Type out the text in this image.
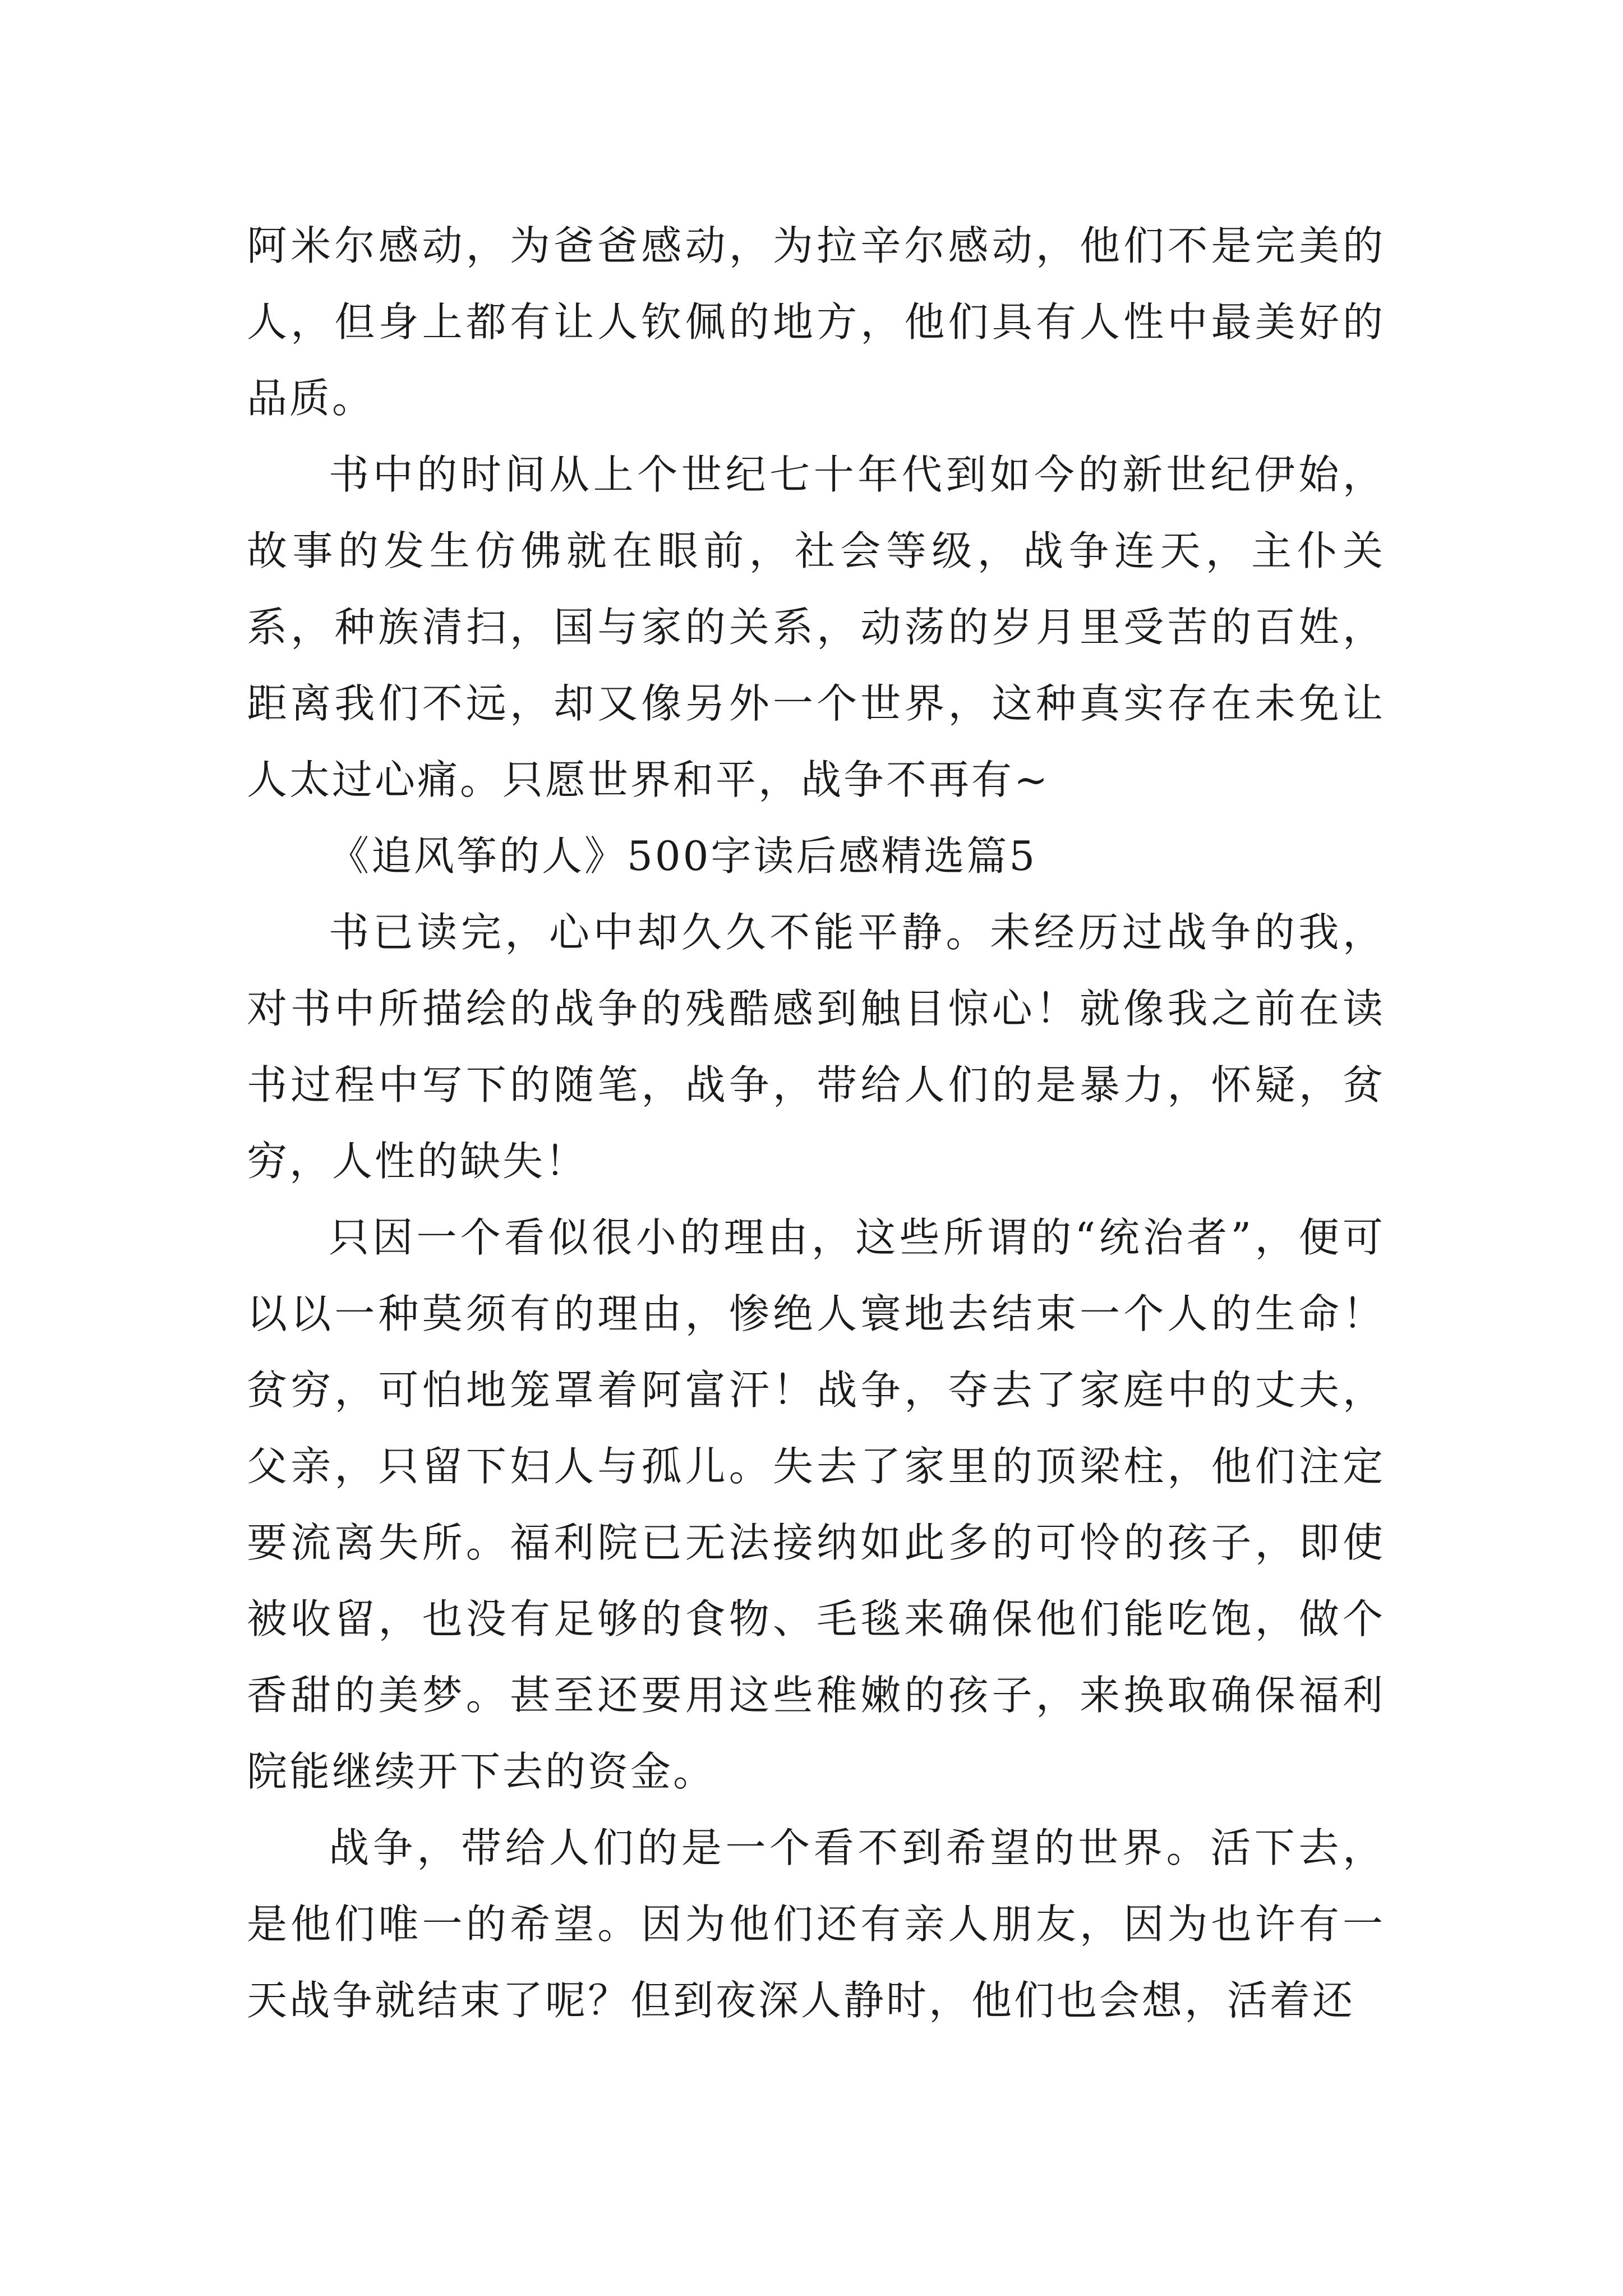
阿米尔感动，为爸爸感动，为拉辛尔感动，他们不是完美的人，但身上都有让人钦佩的地方，他们具有人性中最美好的品质。

书中的时间从上个世纪七十年代到如今的新世纪伊始，故事的发生仿佛就在眼前，社会等级，战争连天，主仆关系，种族清扫，国与家的关系，动荡的岁月里受苦的百姓，距离我们不远，却又像另外一个世界，这种真实存在未免让人太过心痛。只愿世界和平，战争不再有~

《追风筝的人》500字读后感精选篇5

书已读完，心中却久久不能平静。未经历过战争的我，对书中所描绘的战争的残酷感到触目惊心！就像我之前在读书过程中写下的随笔，战争，带给人们的是暴力，怀疑，贫穷，人性的缺失！

只因一个看似很小的理由，这些所谓的“统治者”，便可以以一种莫须有的理由，惨绝人寰地去结束一个人的生命！贫穷，可怕地笼罩着阿富汗！战争，夺去了家庭中的丈夫，父亲，只留下妇人与孤儿。失去了家里的顶梁柱，他们注定要流离失所。福利院已无法接纳如此多的可怜的孩子，即使被收留，也没有足够的食物、毛毯来确保他们能吃饱，做个香甜的美梦。甚至还要用这些稚嫩的孩子，来换取确保福利院能继续开下去的资金。

战争，带给人们的是一个看不到希望的世界。活下去，是他们唯一的希望。因为他们还有亲人朋友，因为也许有一天战争就结束了呢？但到夜深人静时，他们也会想，活着还
